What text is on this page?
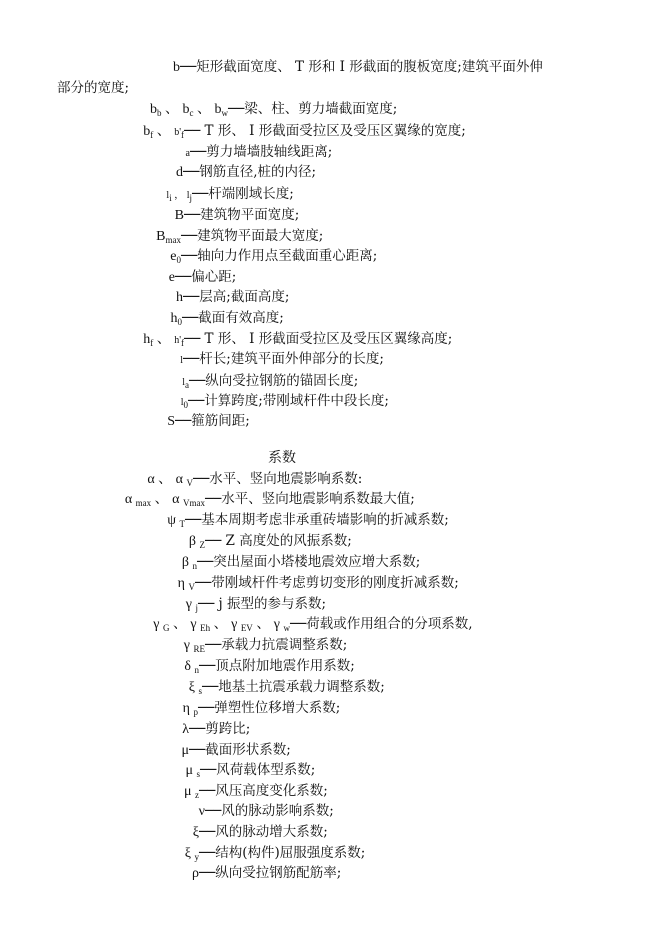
b──矩形截面宽度、 T 形和 I 形截面的腹板宽度;建筑平面外伸
部分的宽度;
$b_b$ 、 $b_c$ 、 $b_w$ ──梁、柱、剪力墙截面宽度;
$b_f$ 、 $b'_f$ ── T 形、 I 形截面受拉区及受压区翼缘的宽度;
a ──剪力墙墙肢轴线距离;
d ──钢筋直径,桩的内径;
$l_i$ ， $l_j$ ──杆端刚域长度;
B ──建筑物平面宽度;
$B_{max}$ ──建筑物平面最大宽度;
$e_0$ ──轴向力作用点至截面重心距离;
e ──偏心距;
h ──层高;截面高度;
$h_0$ ──截面有效高度;
$h_f$ 、 $h'_f$ ── T 形、 I 形截面受拉区及受压区翼缘高度;
l ──杆长;建筑平面外伸部分的长度;
$l_a$ ──纵向受拉钢筋的锚固长度;
$l_0$ ──计算跨度;带刚域杆件中段长度;
S ──箍筋间距;
系数
α 、 α $_V$ ──水平、竖向地震影响系数:
α $_{max}$ 、 α $_{Vmax}$ ──水平、竖向地震影响系数最大值;
ψ $_T$ ──基本周期考虑非承重砖墙影响的折减系数;
β $_Z$ ── Z 高度处的风振系数;
β $_n$ ──突出屋面小塔楼地震效应增大系数;
η $_V$ ──带刚域杆件考虑剪切变形的刚度折减系数;
γ $_j$ ── j 振型的参与系数;
γ $_G$ 、 γ $_{Eh}$ 、 γ $_{EV}$ 、 γ $_w$ ──荷载或作用组合的分项系数,
γ $_{RE}$ ──承载力抗震调整系数;
δ $_n$ ──顶点附加地震作用系数;
ξ $_s$ ──地基土抗震承载力调整系数;
η $_p$ ──弹塑性位移增大系数;
λ ──剪跨比;
μ ──截面形状系数;
μ $_s$ ──风荷载体型系数;
μ $_z$ ──风压高度变化系数;
ν ──风的脉动影响系数;
ξ ──风的脉动增大系数;
ξ $_y$ ──结构(构件)屈服强度系数;
ρ ──纵向受拉钢筋配筋率;
